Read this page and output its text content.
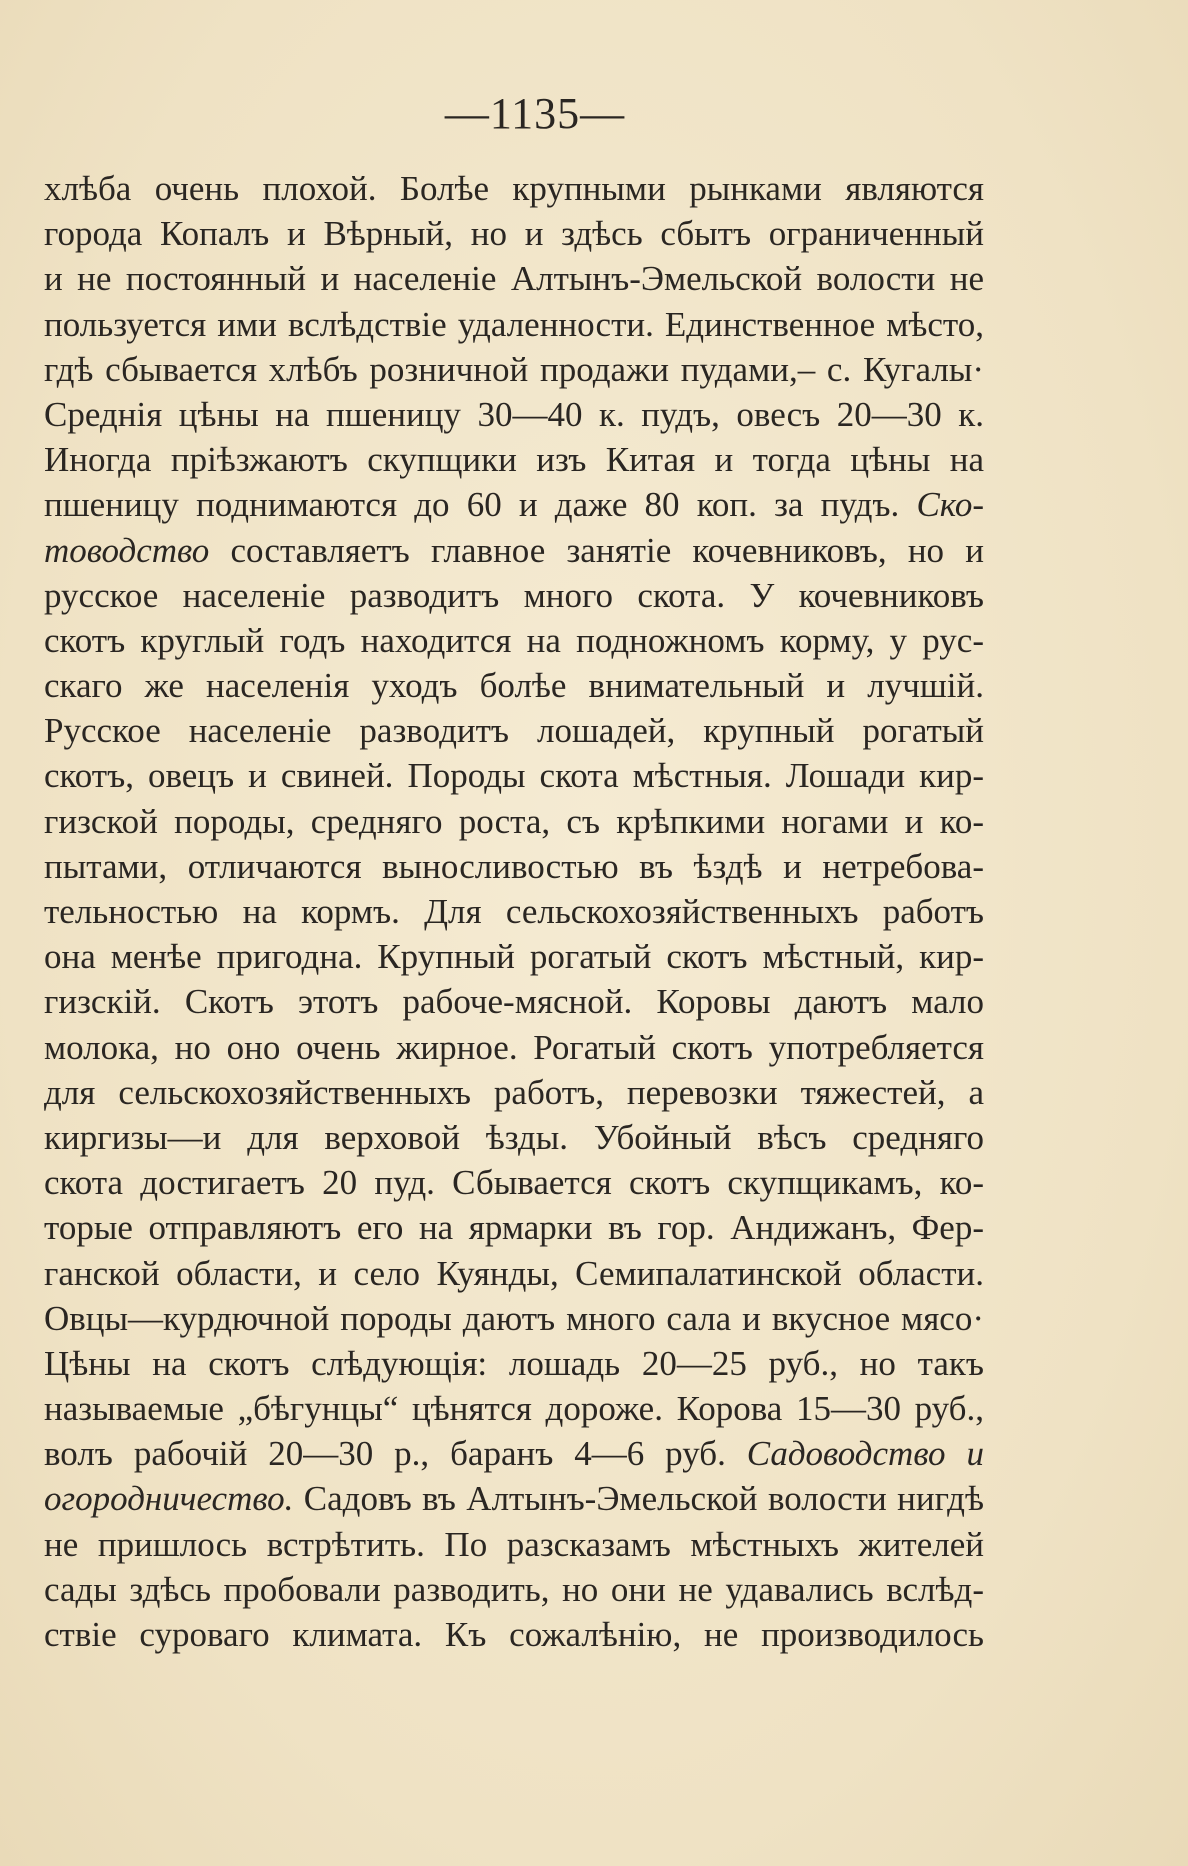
—1135—
хлѣба очень плохой. Болѣе крупными рынками являются
города Копалъ и Вѣрный, но и здѣсь сбытъ ограниченный
и не постоянный и населенiе Алтынъ-Эмельской волости не
пользуется ими вслѣдствiе удаленности. Единственное мѣсто,
гдѣ сбывается хлѣбъ розничной продажи пудами,– с. Кугалы·
Среднiя цѣны на пшеницу 30—40 к. пудъ, овесъ 20—30 к.
Иногда прiѣзжаютъ скупщики изъ Китая и тогда цѣны на
пшеницу поднимаются до 60 и даже 80 коп. за пудъ. Ско-
товодство составляетъ главное занятiе кочевниковъ, но и
русское населенiе разводитъ много скота. У кочевниковъ
скотъ круглый годъ находится на подножномъ корму, у рус-
скаго же населенiя уходъ болѣе внимательный и лучшiй.
Русское населенiе разводитъ лошадей, крупный рогатый
скотъ, овецъ и свиней. Породы скота мѣстныя. Лошади кир-
гизской породы, средняго роста, съ крѣпкими ногами и ко-
пытами, отличаются выносливостью въ ѣздѣ и нетребова-
тельностью на кормъ. Для сельскохозяйственныхъ работъ
она менѣе пригодна. Крупный рогатый скотъ мѣстный, кир-
гизскiй. Скотъ этотъ рабоче-мясной. Коровы даютъ мало
молока, но оно очень жирное. Рогатый скотъ употребляется
для сельскохозяйственныхъ работъ, перевозки тяжестей, а
киргизы—и для верховой ѣзды. Убойный вѣсъ средняго
скота достигаетъ 20 пуд. Сбывается скотъ скупщикамъ, ко-
торые отправляютъ его на ярмарки въ гор. Андижанъ, Фер-
ганской области, и село Куянды, Семипалатинской области.
Овцы—курдючной породы даютъ много сала и вкусное мясо·
Цѣны на скотъ слѣдующiя: лошадь 20—25 руб., но такъ
называемые „бѣгунцы“ цѣнятся дороже. Корова 15—30 руб.,
волъ рабочiй 20—30 р., баранъ 4—6 руб. Садоводство и
огородничество. Садовъ въ Алтынъ-Эмельской волости нигдѣ
не пришлось встрѣтить. По разсказамъ мѣстныхъ жителей
сады здѣсь пробовали разводить, но они не удавались вслѣд-
ствiе суроваго климата. Къ сожалѣнiю, не производилось
